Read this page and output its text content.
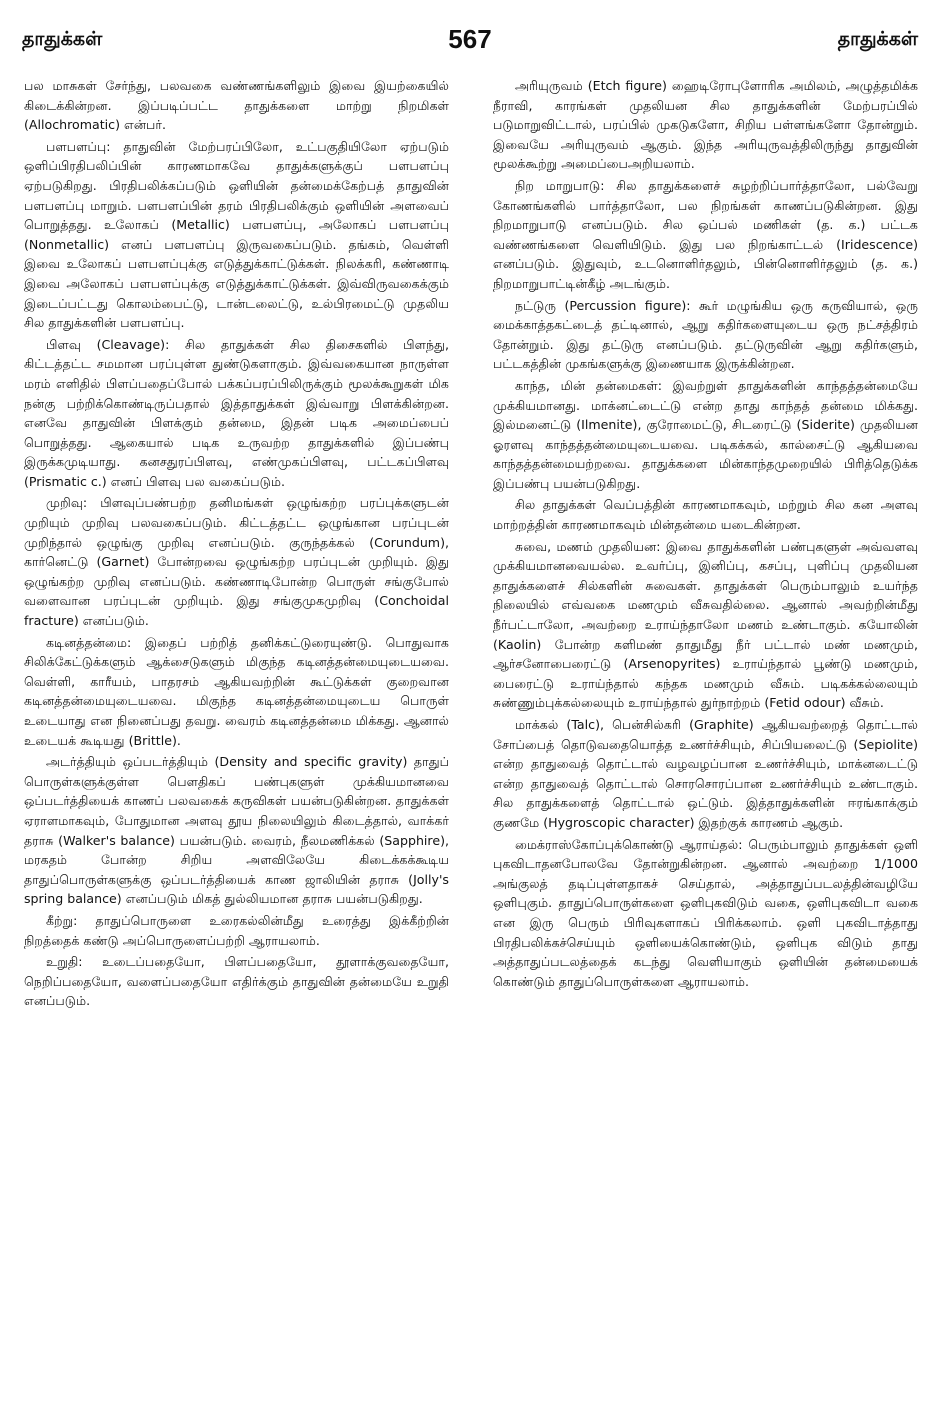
தாதுக்கள்	567	தாதுக்கள்

பல மாசுகள் சேர்ந்து, பலவகை வண்ணங்களிலும் இவை இயற்கையில் கிடைக்கின்றன. இப்படிப்பட்ட தாதுக்களை மாற்று நிறமிகள் (Allochromatic) என்பர்.

பளபளப்பு: தாதுவின் மேற்பரப்பிலோ, உட்பகுதியிலோ ஏற்படும் ஒளிப்பிரதிபலிப்பின் காரணமாகவே தாதுக்களுக்குப் பளபளப்பு ஏற்படுகிறது. பிரதிபலிக்கப்படும் ஒளியின் தன்மைக்கேற்பத் தாதுவின் பளபளப்பு மாறும். பளபளப்பின் தரம் பிரதிபலிக்கும் ஒளியின் அளவைப் பொறுத்தது. உலோகப் (Metallic) பளபளப்பு, அலோகப் பளபளப்பு (Nonmetallic) எனப் பளபளப்பு இருவகைப்படும். தங்கம், வெள்ளி இவை உலோகப் பளபளப்புக்கு எடுத்துக்காட்டுக்கள். நிலக்கரி, கண்ணாடி இவை அலோகப் பளபளப்புக்கு எடுத்துக்காட்டுக்கள். இவ்விருவகைக்கும் இடைப்பட்டது கொலம்பைட்டு, டான்டலைட்டு, உல்பிரமைட்டு முதலிய சில தாதுக்களின் பளபளப்பு.

பிளவு (Cleavage): சில தாதுக்கள் சில திசைகளில் பிளந்து, கிட்டத்தட்ட சமமான பரப்புள்ள துண்டுகளாகும். இவ்வகையான நாருள்ள மரம் எளிதில் பிளப்பதைப்போல் பக்கப்பரப்பிலிருக்கும் மூலக்கூறுகள் மிக நன்கு பற்றிக்கொண்டிருப்பதால் இத்தாதுக்கள் இவ்வாறு பிளக்கின்றன. எனவே தாதுவின் பிளக்கும் தன்மை, இதன் படிக அமைப்பைப் பொறுத்தது. ஆகையால் படிக உருவற்ற தாதுக்களில் இப்பண்பு இருக்கமுடியாது. கனசதுரப்பிளவு, எண்முகப்பிளவு, பட்டகப்பிளவு (Prismatic c.) எனப் பிளவு பல வகைப்படும்.

முறிவு: பிளவுப்பண்பற்ற தனிமங்கள் ஒழுங்கற்ற பரப்புக்களுடன் முறியும் முறிவு பலவகைப்படும். கிட்டத்தட்ட ஒழுங்கான பரப்புடன் முறிந்தால் ஒழுங்கு முறிவு எனப்படும். குருந்தக்கல் (Corundum), கார்னெட்டு (Garnet) போன்றவை ஒழுங்கற்ற பரப்புடன் முறியும். இது ஒழுங்கற்ற முறிவு எனப்படும். கண்ணாடிபோன்ற பொருள் சங்குபோல் வளைவான பரப்புடன் முறியும். இது சங்குமுகமுறிவு (Conchoidal fracture) எனப்படும்.

கடினத்தன்மை: இதைப் பற்றித் தனிக்கட்டுரையுண்டு. பொதுவாக சிலிக்கேட்டுக்களும் ஆக்சைடுகளும் மிகுந்த கடினத்தன்மையுடையவை. வெள்ளி, காரீயம், பாதரசம் ஆகியவற்றின் கூட்டுக்கள் குறைவான கடினத்தன்மையுடையவை. மிகுந்த கடினத்தன்மையுடைய பொருள் உடையாது என நினைப்பது தவறு. வைரம் கடினத்தன்மை மிக்கது. ஆனால் உடையக் கூடியது (Brittle).

அடர்த்தியும் ஒப்படர்த்தியும் (Density and specific gravity) தாதுப் பொருள்களுக்குள்ள பௌதிகப் பண்புகளுள் முக்கியமானவை ஒப்படர்த்தியைக் காணப் பலவகைக் கருவிகள் பயன்படுகின்றன. தாதுக்கள் ஏராளமாகவும், போதுமான அளவு தூய நிலையிலும் கிடைத்தால், வாக்கர் தராசு (Walker's balance) பயன்படும். வைரம், நீலமணிக்கல் (Sapphire), மரகதம் போன்ற சிறிய அளவிலேயே கிடைக்கக்கூடிய தாதுப்பொருள்களுக்கு ஒப்படர்த்தியைக் காண ஜாலியின் தராசு (Jolly's spring balance) எனப்படும் மிகத் துல்லியமான தராசு பயன்படுகிறது.

கீற்று: தாதுப்பொருளை உரைகல்லின்மீது உரைத்து இக்கீற்றின் நிறத்தைக் கண்டு அப்பொருளைப்பற்றி ஆராயலாம்.

உறுதி: உடைப்பதையோ, பிளப்பதையோ, தூளாக்குவதையோ, நெறிப்பதையோ, வளைப்பதையோ எதிர்க்கும் தாதுவின் தன்மையே உறுதி எனப்படும்.

அரியுருவம் (Etch figure) ஹைடிரோபுளோரிக அமிலம், அழுத்தமிக்க நீராவி, காரங்கள் முதலியன சில தாதுக்களின் மேற்பரப்பில் படுமாறுவிட்டால், பரப்பில் முகடுகளோ, சிறிய பள்ளங்களோ தோன்றும். இவையே அரியுருவம் ஆகும். இந்த அரியுருவத்திலிருந்து தாதுவின் மூலக்கூற்று அமைப்பைஅறியலாம்.

நிற மாறுபாடு: சில தாதுக்களைச் சுழற்றிப்பார்த்தாலோ, பல்வேறு கோணங்களில் பார்த்தாலோ, பல நிறங்கள் காணப்படுகின்றன. இது நிறமாறுபாடு எனப்படும். சில ஒப்பல் மணிகள் (த. க.) பட்டக வண்ணங்களை வெளியிடும். இது பல நிறங்காட்டல் (Iridescence) எனப்படும். இதுவும், உடனொளிர்தலும், பின்னொளிர்தலும் (த. க.) நிறமாறுபாட்டின்கீழ் அடங்கும்.

நட்டுரு (Percussion figure): கூர் மழுங்கிய ஒரு கருவியால், ஒரு மைக்காத்தகட்டைத் தட்டினால், ஆறு கதிர்களையுடைய ஒரு நட்சத்திரம் தோன்றும். இது தட்டுரு எனப்படும். தட்டுருவின் ஆறு கதிர்களும், பட்டகத்தின் முகங்களுக்கு இணையாக இருக்கின்றன.

காந்த, மின் தன்மைகள்: இவற்றுள் தாதுக்களின் காந்தத்தன்மையே முக்கியமானது. மாக்னட்டைட்டு என்ற தாது காந்தத் தன்மை மிக்கது. இல்மனைட்டு (Ilmenite), குரோமைட்டு, சிடரைட்டு (Siderite) முதலியன ஓரளவு காந்தத்தன்மையுடையவை. படிகக்கல், கால்சைட்டு ஆகியவை காந்தத்தன்மையற்றவை. தாதுக்களை மின்காந்தமுறையில் பிரித்தெடுக்க இப்பண்பு பயன்படுகிறது.

சில தாதுக்கள் வெப்பத்தின் காரணமாகவும், மற்றும் சில கன அளவு மாற்றத்தின் காரணமாகவும் மின்தன்மை யடைகின்றன.

சுவை, மணம் முதலியன: இவை தாதுக்களின் பண்புகளுள் அவ்வளவு முக்கியமானவையல்ல. உவர்ப்பு, இனிப்பு, கசப்பு, புளிப்பு முதலியன தாதுக்களைச் சில்களின் சுவைகள். தாதுக்கள் பெரும்பாலும் உயர்ந்த நிலையில் எவ்வகை மணமும் வீசுவதில்லை. ஆனால் அவற்றின்மீது நீர்பட்டாலோ, அவற்றை உராய்ந்தாலோ மணம் உண்டாகும். கயோலின் (Kaolin) போன்ற களிமண் தாதுமீது நீர் பட்டால் மண் மணமும், ஆர்சனோபைரைட்டு (Arsenopyrites) உராய்ந்தால் பூண்டு மணமும், பைரைட்டு உராய்ந்தால் கந்தக மணமும் வீசும். படிகக்கல்லையும் சுண்ணும்புக்கல்லையும் உராய்ந்தால் துர்நாற்றம் (Fetid odour) வீசும்.

மாக்கல் (Talc), பென்சில்கரி (Graphite) ஆகியவற்றைத் தொட்டால் சோப்பைத் தொடுவதையொத்த உணர்ச்சியும், சிப்பியலைட்டு (Sepiolite) என்ற தாதுவைத் தொட்டால் வழவழப்பான உணர்ச்சியும், மாக்னடைட்டு என்ற தாதுவைத் தொட்டால் சொரசொரப்பான உணர்ச்சியும் உண்டாகும். சில தாதுக்களைத் தொட்டால் ஒட்டும். இத்தாதுக்களின் ஈரங்காக்கும் குணமே (Hygroscopic character) இதற்குக் காரணம் ஆகும்.

மைக்ராஸ்கோப்புக்கொண்டு ஆராய்தல்: பெரும்பாலும் தாதுக்கள் ஒளி புகவிடாதனபோலவே தோன்றுகின்றன. ஆனால் அவற்றை 1/1000 அங்குலத் தடிப்புள்ளதாகச் செய்தால், அத்தாதுப்படலத்தின்வழியே ஒளிபுகும். தாதுப்பொருள்களை ஒளிபுகவிடும் வகை, ஒளிபுகவிடா வகை என இரு பெரும் பிரிவுகளாகப் பிரிக்கலாம். ஒளி புகவிடாத்தாது பிரதிபலிக்கச்செய்யும் ஒளியைக்கொண்டும், ஒளிபுக விடும் தாது அத்தாதுப்படலத்தைக் கடந்து வெளியாகும் ஒளியின் தன்மையைக் கொண்டும் தாதுப்பொருள்களை ஆராயலாம்.
